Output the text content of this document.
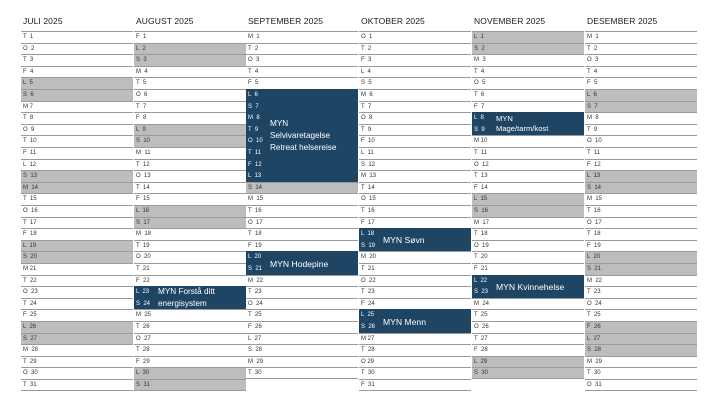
JULI 2025
T  1
O  2
T  3
F  4
L  5
S  6
M 7
T  8
O  9
T  10
F  11
L  12
S  13
M  14
T  15
O  16
T  17
F  18
L  19
S  20
M 21
T  22
O  23
T  24
F  25
L  26
S  27
M  28
T  29
O  30
T  31
AUGUST 2025
F  1
L  2
S  3
M  4
T  5
O  6
T  7
F  8
L  9
S  10
M  11
T  12
O  13
T  14
F  15
L  16
S  17
M  18
T  19
O  20
T  21
F  22
L  23
S  24
M  25
T  26
O  27
T  28
F  29
L  30
S  31
MYN Forstå ditt
energisystem
SEPTEMBER 2025
M  1
T  2
O  3
T  4
F  5
L  6
S  7
M  8
T  9
O  10
T  11
F  12
L  13
S  14
M  15
T  16
O  17
T  18
F  19
L  20
S  21
M  22
T  23
O  24
T  25
F  26
L  27
S  28
M  29
T  30
MYN
Selvivaretagelse
Retreat helsereise
MYN Hodepine
OKTOBER 2025
O  1
T  2
F  3
L  4
S  5
M  6
T  7
O  8
T  9
F  10
L  11
S  12
M  13
T  14
O  15
T  16
F  17
L  18
S  19
M  20
T  21
O  22
T  23
F  24
L  25
S  26
M 27
T  28
O 29
T  30
F  31
MYN Søvn
MYN Menn
NOVEMBER 2025
L  1
S  2
M  3
T  4
O  5
T  6
F  7
L  8
S  9
M 10
T  11
O  12
T  13
F  14
L  15
S  16
M  17
T  18
O  19
T  20
F  21
L  22
S  23
M  24
T  25
O  26
T  27
F  28
L  29
S  30
MYN
Mage/tarm/kost
MYN Kvinnehelse
DESEMBER 2025
M  1
T  2
O  3
T  4
F  5
L  6
S  7
M  8
T  9
O  10
T  11
F  12
L  13
S  14
M  15
T  16
O  17
T  18
F  19
L  20
S  21
M  22
T  23
O  24
T  25
F  26
L  27
S  28
M  29
T  30
O  31
